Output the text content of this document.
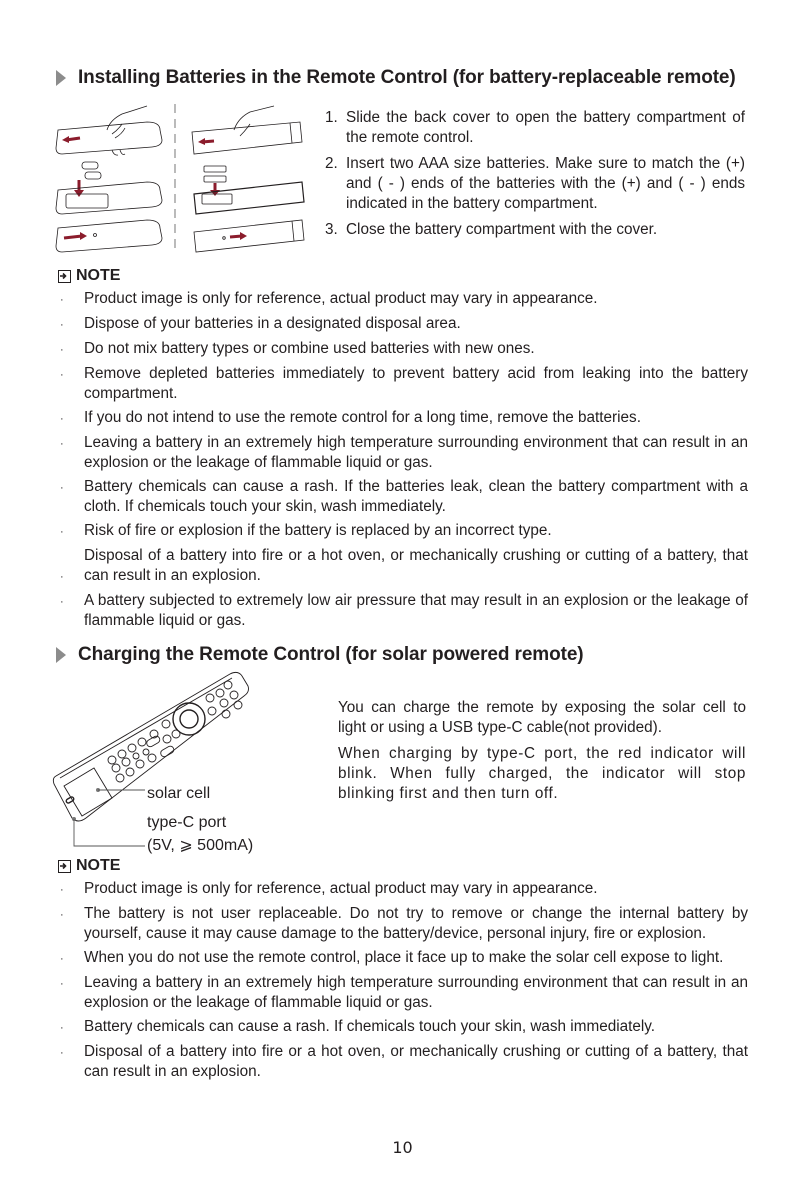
Installing Batteries in the Remote Control (for battery-replaceable remote)
1. Slide the back cover to open the battery compartment of the remote control.
2. Insert two AAA size batteries. Make sure to match the (+) and ( - ) ends of the batteries with the (+) and ( - ) ends indicated in the battery compartment.
3. Close the battery compartment with the cover.
NOTE
·	Product image is only for reference, actual product may vary in appearance.
·	Dispose of your batteries in a designated disposal area.
·	Do not mix battery types or combine used batteries with new ones.
·	Remove depleted batteries immediately to prevent battery acid from leaking into the battery compartment.
·	If you do not intend to use the remote control for a long time, remove the batteries.
·	Leaving a battery in an extremely high temperature surrounding environment that can result in an explosion or the leakage of flammable liquid or gas.
·	Battery chemicals can cause a rash. If the batteries leak, clean the battery compartment with a cloth. If chemicals touch your skin, wash immediately.
·	Risk of fire or explosion if the battery is replaced by an incorrect type.
·
Disposal of a battery into fire or a hot oven, or mechanically crushing or cutting of a battery, that can result in an explosion.
·	A battery subjected to extremely low air pressure that may result in an explosion or the leakage of flammable liquid or gas.
Charging the Remote Control (for solar powered remote)
solar cell
type-C port
(5V, ⩾ 500mA)

You can charge the remote by exposing the solar cell to light or using a USB type-C cable(not provided).

When charging by type-C port, the red indicator will blink. When fully charged, the indicator will stop blinking first and then turn off.

NOTE
·	Product image is only for reference, actual product may vary in appearance.
·	The battery is not user replaceable. Do not try to remove or change the internal battery by yourself, cause it may cause damage to the battery/device, personal injury, fire or explosion.
·	When you do not use the remote control, place it face up to make the solar cell expose to light.
·	Leaving a battery in an extremely high temperature surrounding environment that can result in an explosion or the leakage of flammable liquid or gas.
·	Battery chemicals can cause a rash. If chemicals touch your skin, wash immediately.
·	Disposal of a battery into fire or a hot oven, or mechanically crushing or cutting of a battery, that can result in an explosion.
10
